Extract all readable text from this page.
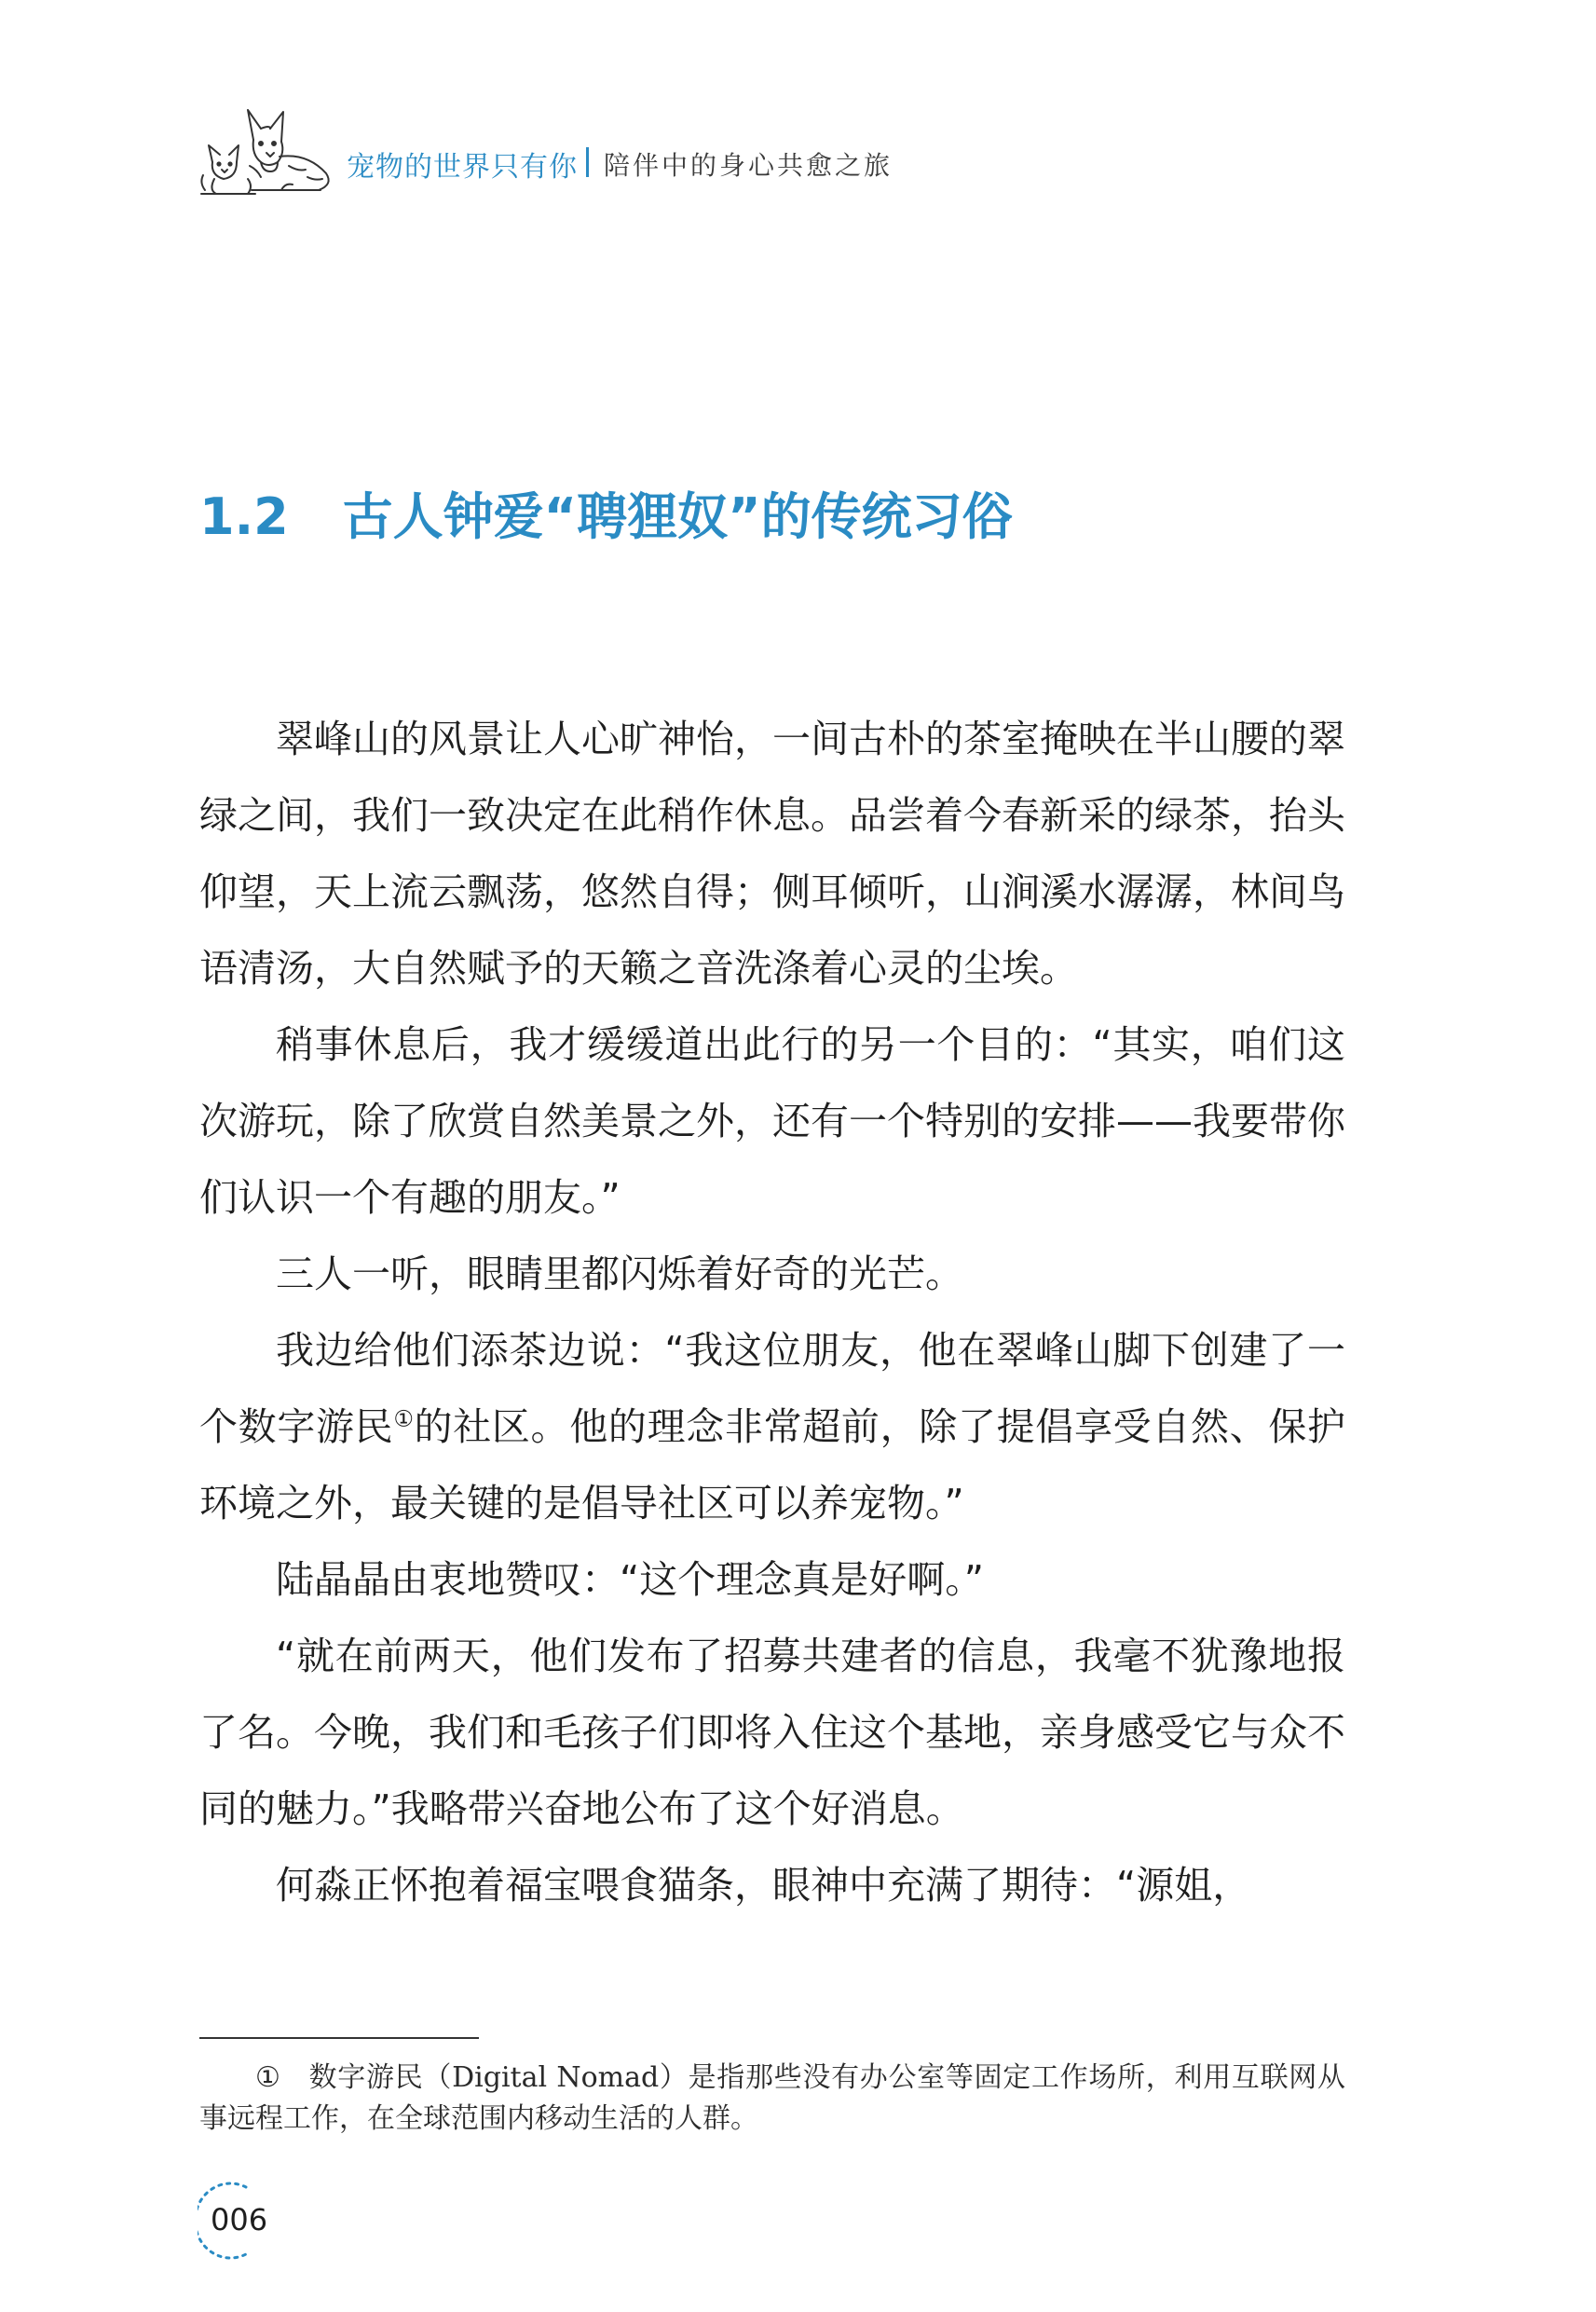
宠物的世界只有你 陪伴中的身心共愈之旅
1.2 古人钟爱“聘狸奴”的传统习俗

翠峰山的风景让人心旷神怡，一间古朴的茶室掩映在半山腰的翠绿之间，我们一致决定在此稍作休息。品尝着今春新采的绿茶，抬头仰望，天上流云飘荡，悠然自得；侧耳倾听，山涧溪水潺潺，林间鸟语清汤，大自然赋予的天籁之音洗涤着心灵的尘埃。

稍事休息后，我才缓缓道出此行的另一个目的：“其实，咱们这次游玩，除了欣赏自然美景之外，还有一个特别的安排——我要带你们认识一个有趣的朋友。”

三人一听，眼睛里都闪烁着好奇的光芒。

我边给他们添茶边说：“我这位朋友，他在翠峰山脚下创建了一个数字游民①的社区。他的理念非常超前，除了提倡享受自然、保护环境之外，最关键的是倡导社区可以养宠物。”

陆晶晶由衷地赞叹：“这个理念真是好啊。”

“就在前两天，他们发布了招募共建者的信息，我毫不犹豫地报了名。今晚，我们和毛孩子们即将入住这个基地，亲身感受它与众不同的魅力。”我略带兴奋地公布了这个好消息。

何淼正怀抱着福宝喂食猫条，眼神中充满了期待：“源姐，

① 数字游民（Digital Nomad）是指那些没有办公室等固定工作场所，利用互联网从事远程工作，在全球范围内移动生活的人群。
006
